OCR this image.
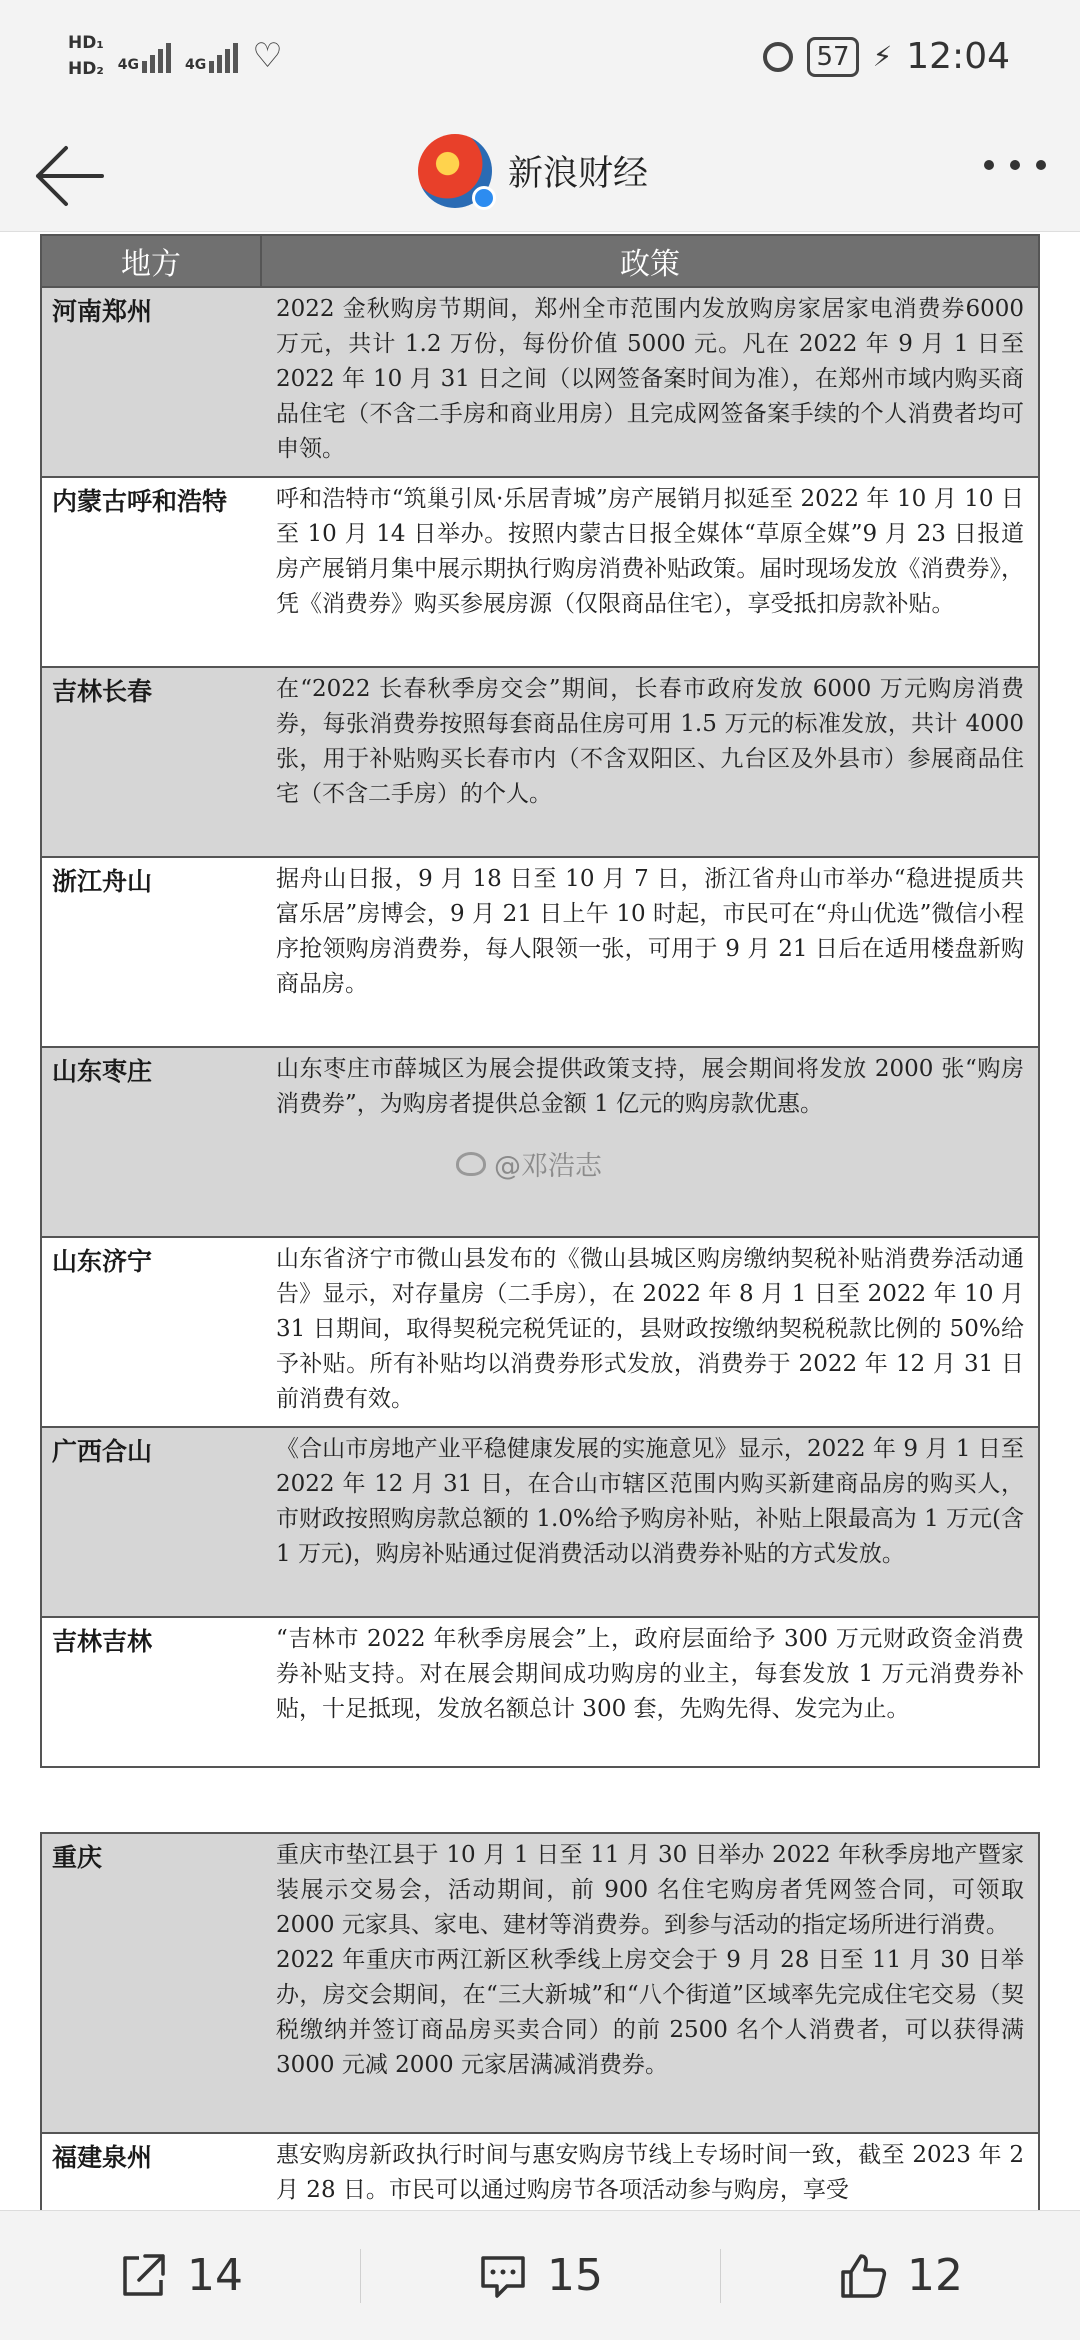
HD₁
HD₂ 4G	4G ♡	57 ⚡ 12:04
新浪财经
地方	政策
河南郑州	2022 金秋购房节期间，郑州全市范围内发放购房家居家电消费券6000 万元，共计 1.2 万份，每份价值 5000 元。凡在 2022 年 9 月 1 日至 2022 年 10 月 31 日之间（以网签备案时间为准），在郑州市域内购买商品住宅（不含二手房和商业用房）且完成网签备案手续的个人消费者均可申领。

内蒙古呼和浩特	呼和浩特市“筑巢引凤·乐居青城”房产展销月拟延至 2022 年 10 月 10 日至 10 月 14 日举办。按照内蒙古日报全媒体“草原全媒”9 月 23 日报道房产展销月集中展示期执行购房消费补贴政策。届时现场发放《消费券》，凭《消费券》购买参展房源（仅限商品住宅），享受抵扣房款补贴。

吉林长春	在“2022 长春秋季房交会”期间，长春市政府发放 6000 万元购房消费券，每张消费券按照每套商品住房可用 1.5 万元的标准发放，共计 4000 张，用于补贴购买长春市内（不含双阳区、九台区及外县市）参展商品住宅（不含二手房）的个人。

浙江舟山	据舟山日报，9 月 18 日至 10 月 7 日，浙江省舟山市举办“稳进提质共富乐居”房博会，9 月 21 日上午 10 时起，市民可在“舟山优选”微信小程序抢领购房消费券，每人限领一张，可用于 9 月 21 日后在适用楼盘新购商品房。

山东枣庄	山东枣庄市薛城区为展会提供政策支持，展会期间将发放 2000 张“购房消费券”，为购房者提供总金额 1 亿元的购房款优惠。

山东济宁	山东省济宁市微山县发布的《微山县城区购房缴纳契税补贴消费券活动通告》显示，对存量房（二手房），在 2022 年 8 月 1 日至 2022 年 10 月 31 日期间，取得契税完税凭证的，县财政按缴纳契税税款比例的 50%给予补贴。所有补贴均以消费券形式发放，消费券于 2022 年 12 月 31 日前消费有效。

广西合山	《合山市房地产业平稳健康发展的实施意见》显示，2022 年 9 月 1 日至 2022 年 12 月 31 日，在合山市辖区范围内购买新建商品房的购买人，市财政按照购房款总额的 1.0%给予购房补贴，补贴上限最高为 1 万元(含 1 万元)，购房补贴通过促消费活动以消费券补贴的方式发放。

吉林吉林	“吉林市 2022 年秋季房展会”上，政府层面给予 300 万元财政资金消费券补贴支持。对在展会期间成功购房的业主，每套发放 1 万元消费券补贴，十足抵现，发放名额总计 300 套，先购先得、发完为止。

@邓浩志
重庆	重庆市垫江县于 10 月 1 日至 11 月 30 日举办 2022 年秋季房地产暨家装展示交易会，活动期间，前 900 名住宅购房者凭网签合同，可领取 2000 元家具、家电、建材等消费券。到参与活动的指定场所进行消费。

2022 年重庆市两江新区秋季线上房交会于 9 月 28 日至 11 月 30 日举办，房交会期间，在“三大新城”和“八个街道”区域率先完成住宅交易（契税缴纳并签订商品房买卖合同）的前 2500 名个人消费者，可以获得满 3000 元减 2000 元家居满减消费券。

福建泉州	惠安购房新政执行时间与惠安购房节线上专场时间一致，截至 2023 年 2 月 28 日。市民可以通过购房节各项活动参与购房，享受

14	15	12
